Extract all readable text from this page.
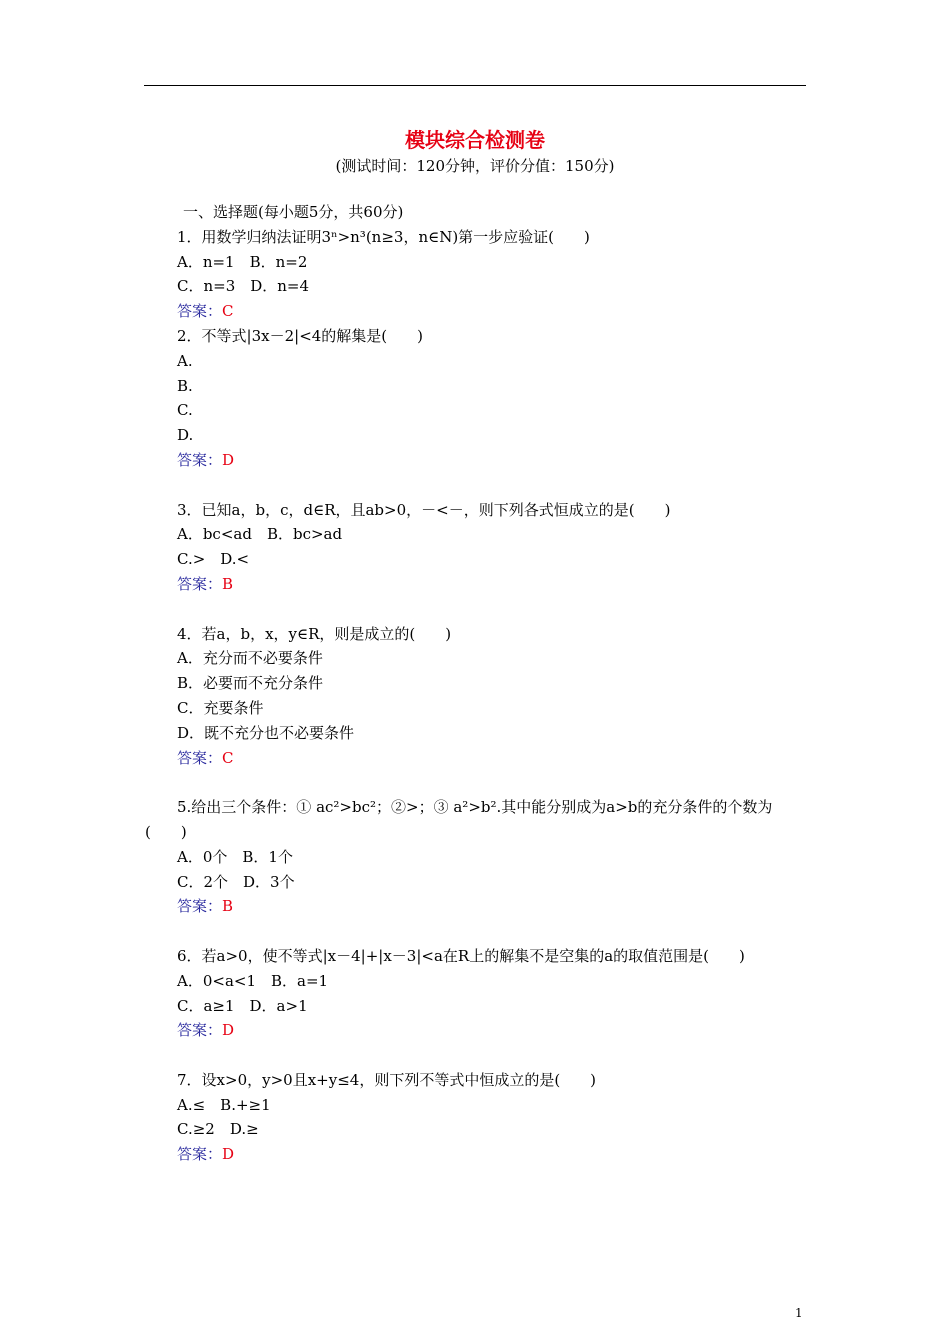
模块综合检测卷
(测试时间：120分钟，评价分值：150分)
一、选择题(每小题5分，共60分)
1．用数学归纳法证明3ⁿ>n³(n≥3，n∈N)第一步应验证(　　)
A．n=1　B．n=2
C．n=3　D．n=4
答案：C
2．不等式|3x－2|<4的解集是(　　)
A.
B.
C.
D.
答案：D
3．已知a，b，c，d∈R，且ab>0，－<－，则下列各式恒成立的是(　　)
A．bc<ad　B．bc>ad
C.>　D.<
答案：B
4．若a，b，x，y∈R，则是成立的(　　)
A．充分而不必要条件
B．必要而不充分条件
C．充要条件
D．既不充分也不必要条件
答案：C
5.给出三个条件：① ac²>bc²；②>；③ a²>b².其中能分别成为a>b的充分条件的个数为(　　)
A．0个　B．1个
C．2个　D．3个
答案：B
6．若a>0，使不等式|x－4|+|x－3|<a在R上的解集不是空集的a的取值范围是(　　)
A．0<a<1　B．a=1
C．a≥1　D．a>1
答案：D
7．设x>0，y>0且x+y≤4，则下列不等式中恒成立的是(　　)
A.≤　B.+≥1
C.≥2　D.≥
答案：D
1
